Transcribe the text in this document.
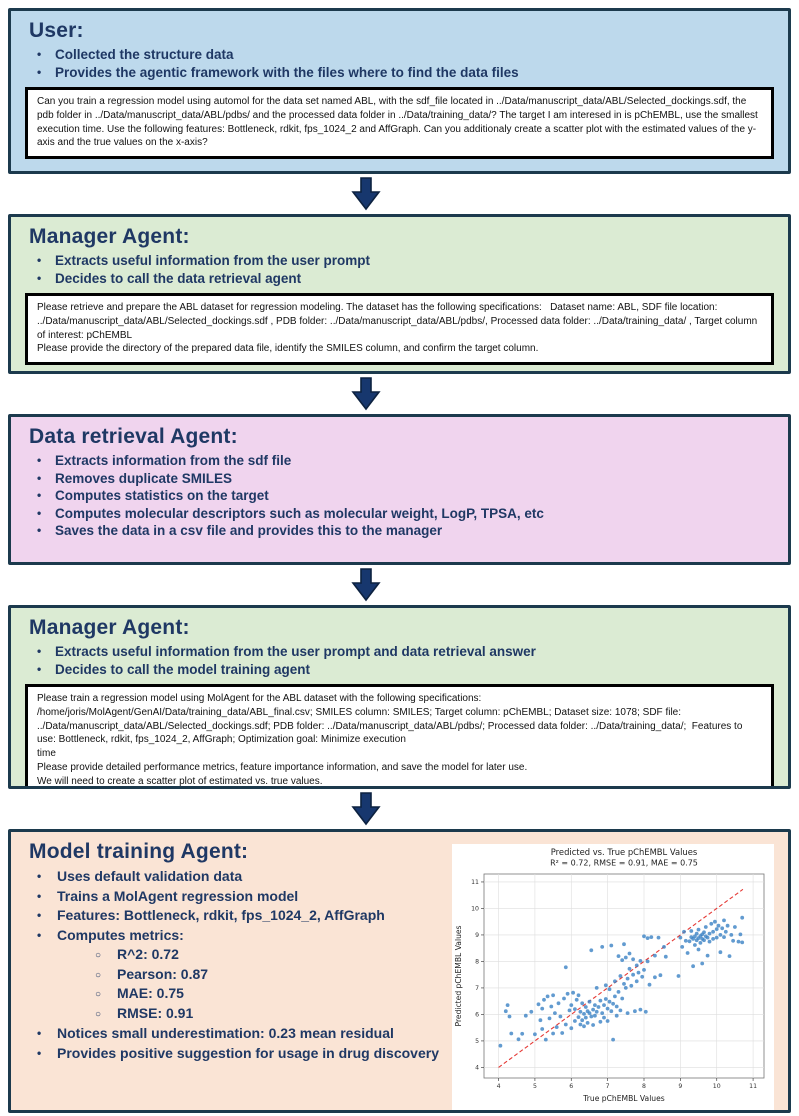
User:
• Collected the structure data
• Provides the agentic framework with the files where to find the data files
Can you train a regression model using automol for the data set named ABL, with the sdf_file located in ../Data/manuscript_data/ABL/Selected_dockings.sdf, the pdb folder in ../Data/manuscript_data/ABL/pdbs/ and the processed data folder in ../Data/training_data/? The target I am interesed in is pChEMBL, use the smallest execution time. Use the following features: Bottleneck, rdkit, fps_1024_2 and AffGraph. Can you additionaly create a scatter plot with the estimated values of the y-axis and the true values on the x-axis?
Manager Agent:
• Extracts useful information from the user prompt
• Decides to call the data retrieval agent
Please retrieve and prepare the ABL dataset for regression modeling. The dataset has the following specifications:   Dataset name: ABL, SDF file location: ../Data/manuscript_data/ABL/Selected_dockings.sdf , PDB folder: ../Data/manuscript_data/ABL/pdbs/, Processed data folder: ../Data/training_data/ , Target column of interest: pChEMBL
Please provide the directory of the prepared data file, identify the SMILES column, and confirm the target column.
Data retrieval Agent:
• Extracts information from the sdf file
• Removes duplicate SMILES
• Computes statistics on the target
• Computes molecular descriptors such as molecular weight, LogP, TPSA, etc
• Saves the data in a csv file and provides this to the manager
Manager Agent:
• Extracts useful information from the user prompt and data retrieval answer
• Decides to call the model training agent
Please train a regression model using MolAgent for the ABL dataset with the following specifications:
/home/joris/MolAgent/GenAI/Data/training_data/ABL_final.csv; SMILES column: SMILES; Target column: pChEMBL; Dataset size: 1078; SDF file: ../Data/manuscript_data/ABL/Selected_dockings.sdf; PDB folder: ../Data/manuscript_data/ABL/pdbs/; Processed data folder: ../Data/training_data/;  Features to use: Bottleneck, rdkit, fps_1024_2, AffGraph; Optimization goal: Minimize execution
time
Please provide detailed performance metrics, feature importance information, and save the model for later use.
We will need to create a scatter plot of estimated vs. true values.
Model training Agent:
• Uses default validation data
• Trains a MolAgent regression model
• Features: Bottleneck, rdkit, fps_1024_2, AffGraph
• Computes metrics:
○ R^2: 0.72
○ Pearson: 0.87
○ MAE: 0.75
○ RMSE: 0.91
• Notices small underestimation: 0.23 mean residual
• Provides positive suggestion for usage in drug discovery
4	5	6	7	8	9	10	11
4
5
6
7
8
9
10
11
Predicted vs. True pChEMBL Values
R² = 0.72, RMSE = 0.91, MAE = 0.75
True pChEMBL Values
Predicted pChEMBL Values
